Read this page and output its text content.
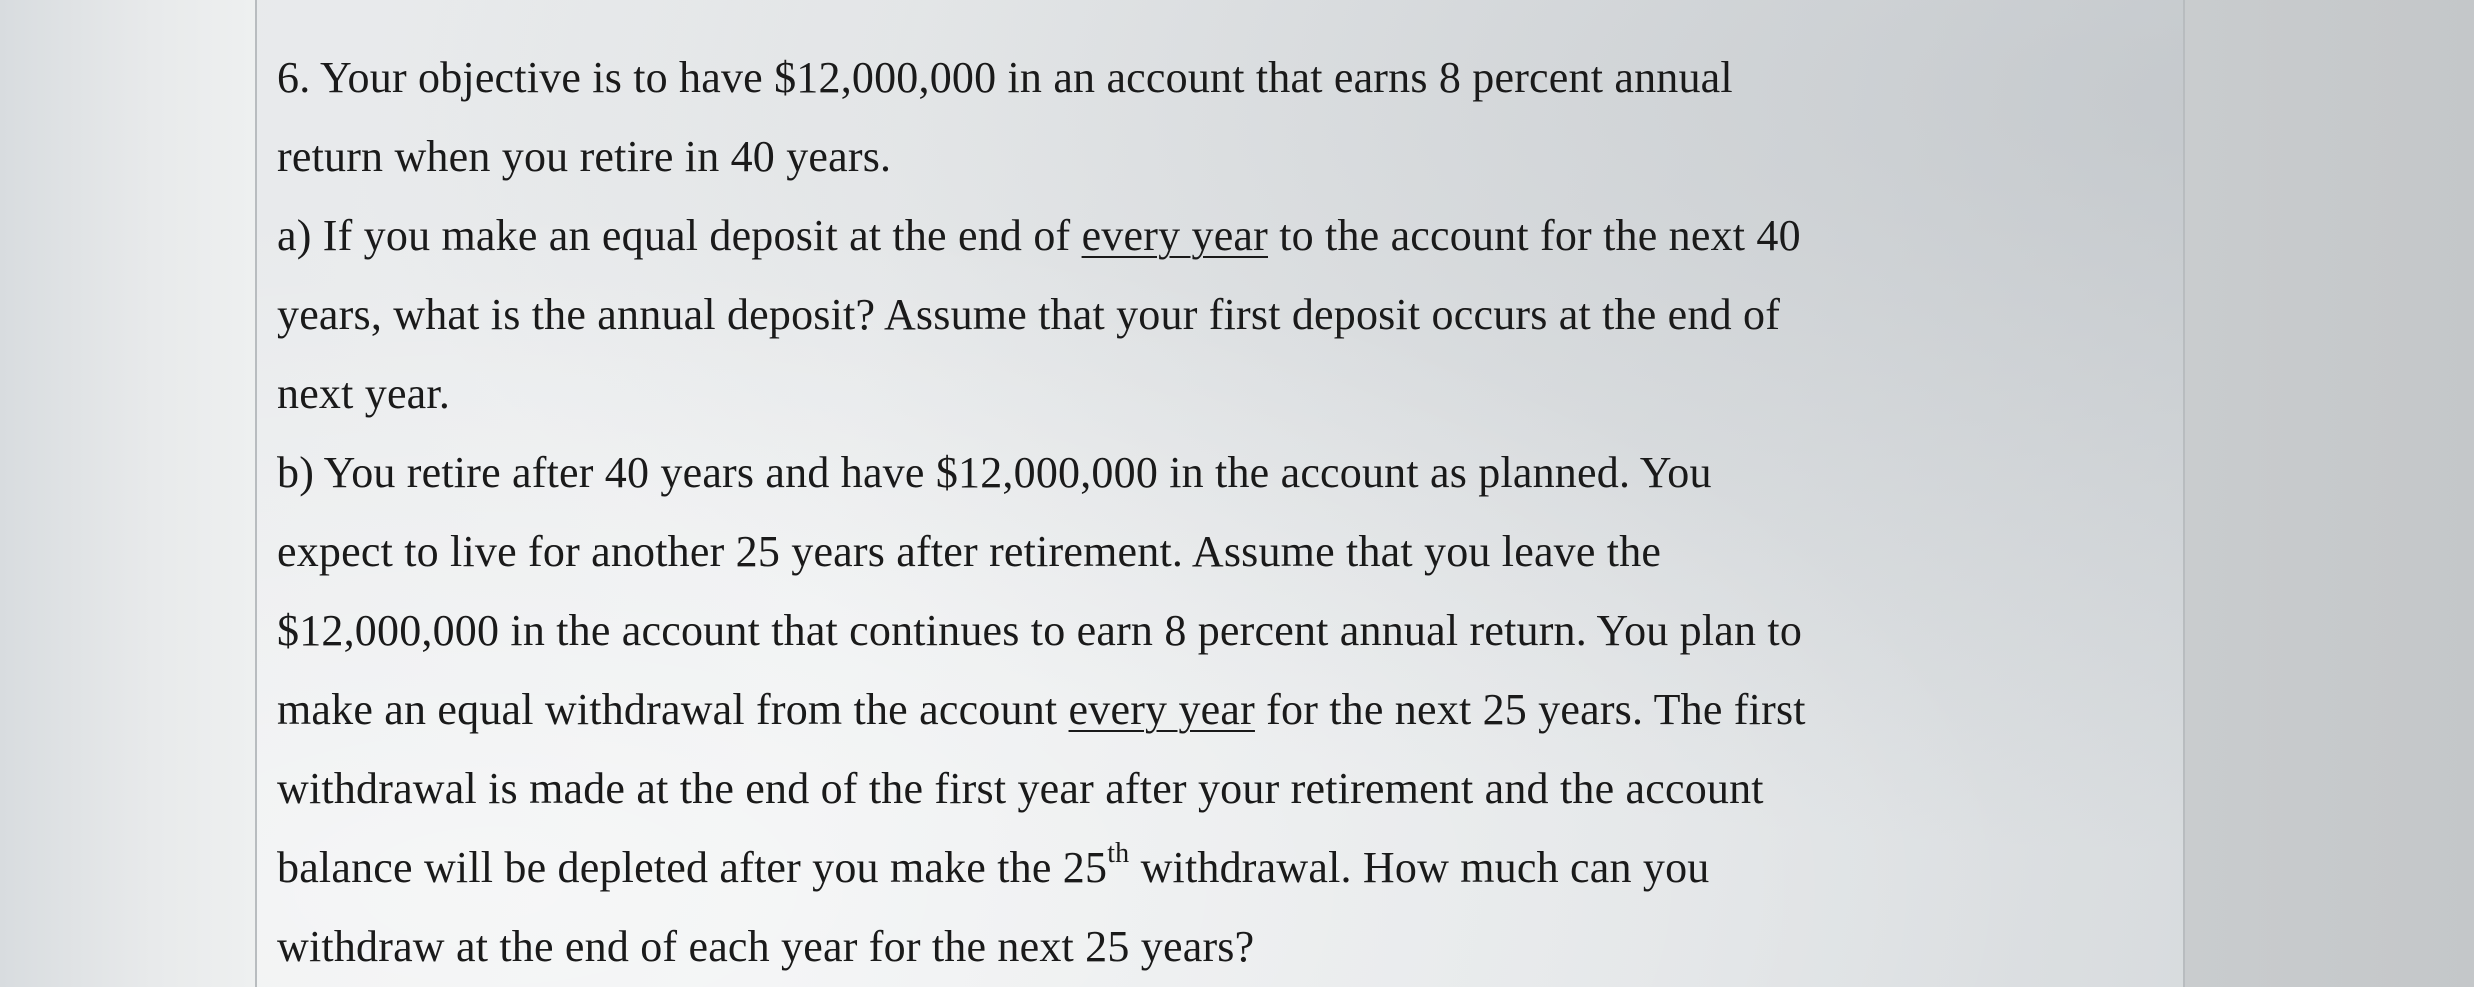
6. Your objective is to have $12,000,000 in an account that earns 8 percent annual
return when you retire in 40 years.
a) If you make an equal deposit at the end of every year to the account for the next 40
years, what is the annual deposit? Assume that your first deposit occurs at the end of
next year.
b) You retire after 40 years and have $12,000,000 in the account as planned. You
expect to live for another 25 years after retirement. Assume that you leave the
$12,000,000 in the account that continues to earn 8 percent annual return. You plan to
make an equal withdrawal from the account every year for the next 25 years. The first
withdrawal is made at the end of the first year after your retirement and the account
balance will be depleted after you make the 25th withdrawal. How much can you
withdraw at the end of each year for the next 25 years?
